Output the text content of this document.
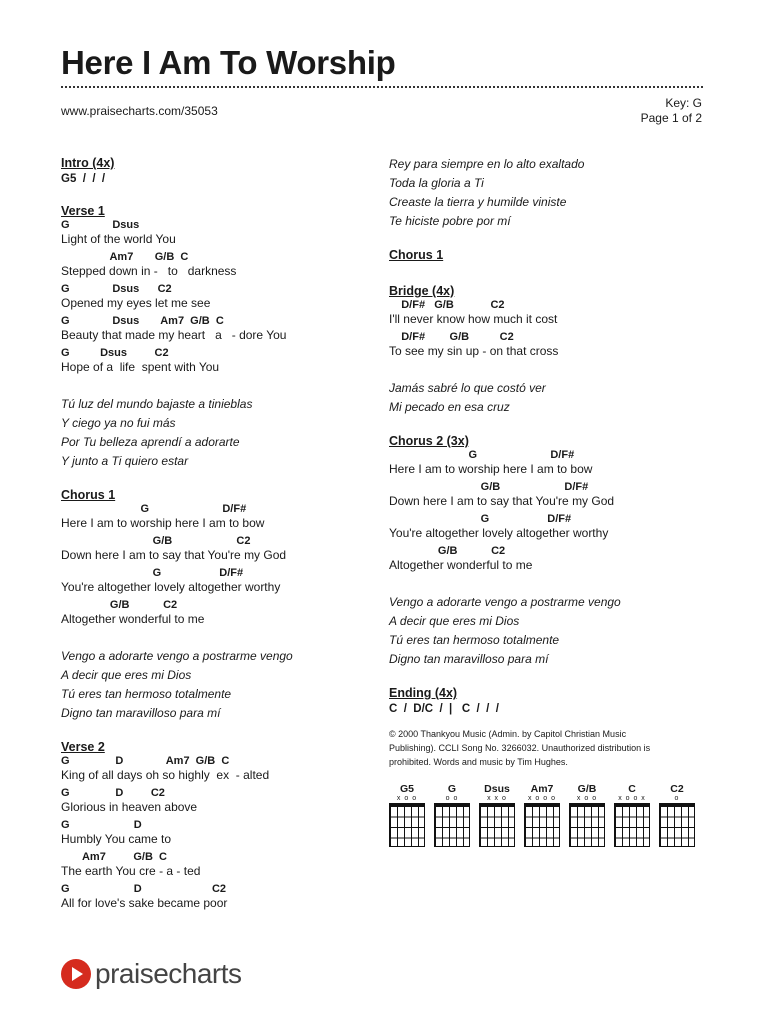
Here I Am To Worship
www.praisecharts.com/35053
Key: G
Page 1 of 2
Intro (4x)
G5  /  /  /
Verse 1
G              Dsus
Light of the world You
Am7       G/B  C
Stepped down in -   to   darkness
G              Dsus      C2
Opened my eyes let me see
G              Dsus       Am7  G/B  C
Beauty that made my heart   a   - dore You
G          Dsus         C2
Hope of a  life  spent with You
Tú luz del mundo bajaste a tinieblas
Y ciego ya no fui más
Por Tu belleza aprendí a adorarte
Y junto a Ti quiero estar
Chorus 1
G                        D/F#
Here I am to worship here I am to bow
G/B                     C2
Down here I am to say that You're my God
G                   D/F#
You're altogether lovely altogether worthy
G/B           C2
Altogether wonderful to me
Vengo a adorarte vengo a postrarme vengo
A decir que eres mi Dios
Tú eres tan hermoso totalmente
Digno tan maravilloso para mí
Verse 2
G               D              Am7  G/B  C
King of all days oh so highly  ex  - alted
G               D         C2
Glorious in heaven above
G                     D
Humbly You came to
Am7         G/B  C
The earth You cre - a - ted
G                     D                       C2
All for love's sake became poor
Rey para siempre en lo alto exaltado
Toda la gloria a Ti
Creaste la tierra y humilde viniste
Te hiciste pobre por mí
Chorus 1
Bridge (4x)
D/F#   G/B            C2
I'll never know how much it cost
D/F#        G/B          C2
To see my sin up - on that cross
Jamás sabré lo que costó ver
Mi pecado en esa cruz
Chorus 2 (3x)
G                        D/F#
Here I am to worship here I am to bow
G/B                     D/F#
Down here I am to say that You're my God
G                   D/F#
You're altogether lovely altogether worthy
G/B           C2
Altogether wonderful to me
Vengo a adorarte vengo a postrarme vengo
A decir que eres mi Dios
Tú eres tan hermoso totalmente
Digno tan maravilloso para mí
Ending (4x)
C  /  D/C  /  |   C  /  /  /
© 2000 Thankyou Music (Admin. by Capitol Christian Music Publishing). CCLI Song No. 3266032. Unauthorized distribution is prohibited. Words and music by Tim Hughes.
G5
x o o
G
o o
Dsus
x x o
Am7
x o o o
G/B
x o o
C
x o o x
C2
o
praisecharts
